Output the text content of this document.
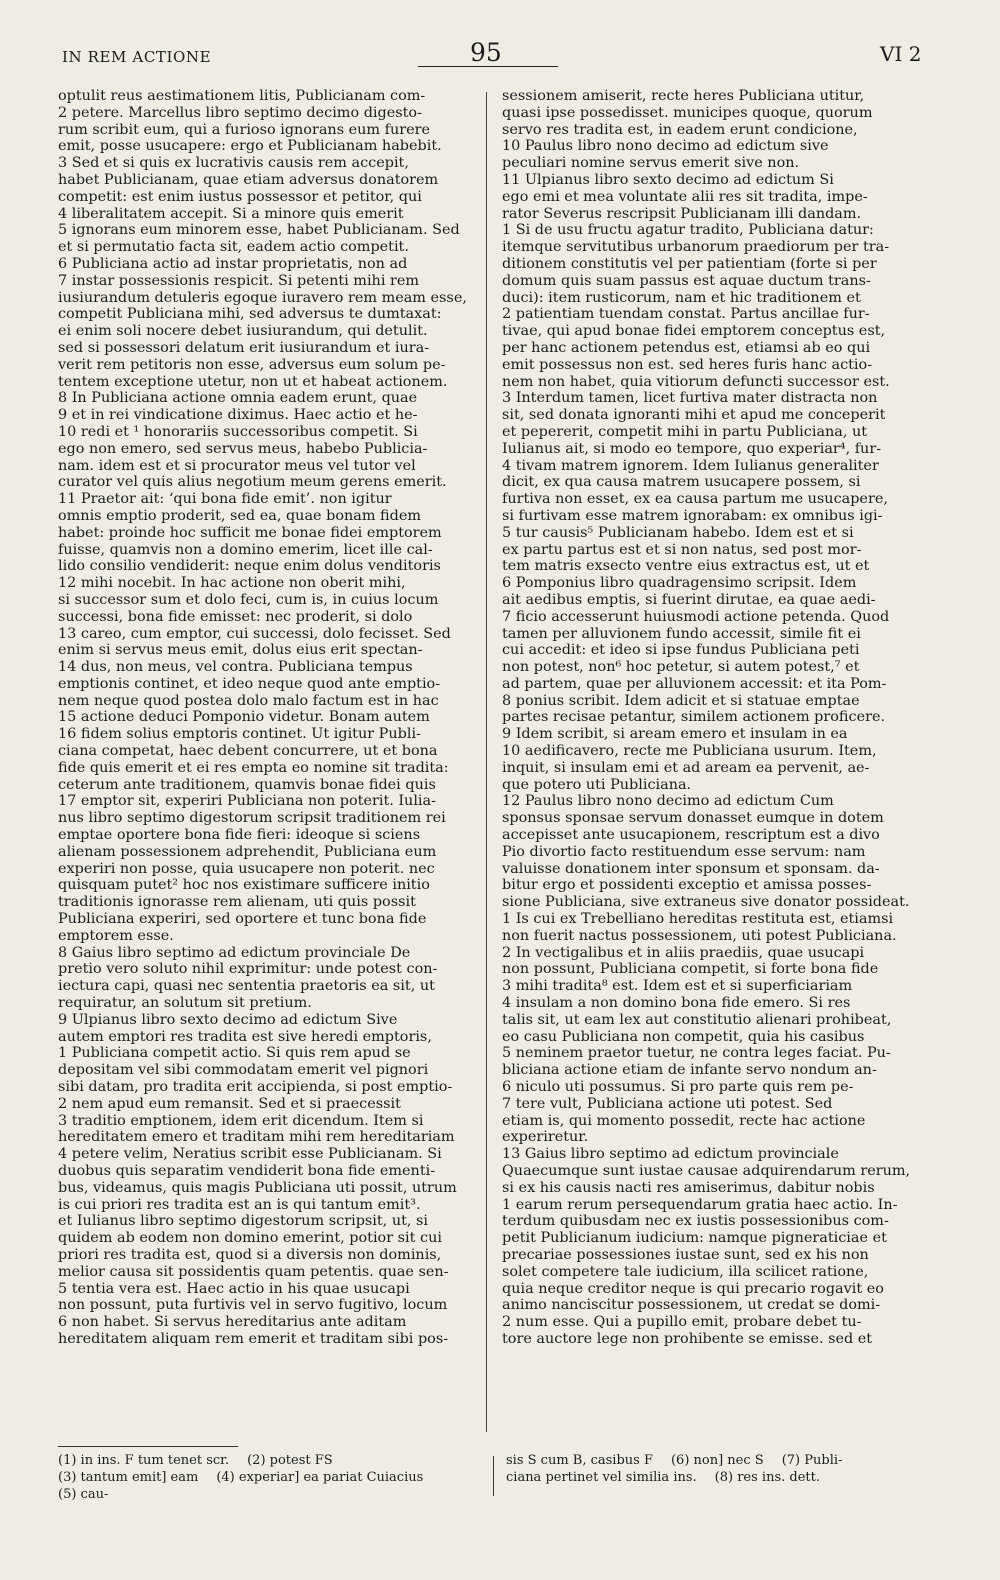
IN REM ACTIONE	95	VI 2

optulit reus aestimationem litis, Publicianam com-

2 petere. Marcellus libro septimo decimo digesto-

rum scribit eum, qui a furioso ignorans eum furere

emit, posse usucapere: ergo et Publicianam habebit.

3 Sed et si quis ex lucrativis causis rem accepit,

habet Publicianam, quae etiam adversus donatorem

competit: est enim iustus possessor et petitor, qui

4 liberalitatem accepit. Si a minore quis emerit

5 ignorans eum minorem esse, habet Publicianam. Sed

et si permutatio facta sit, eadem actio competit.

6 Publiciana actio ad instar proprietatis, non ad

7 instar possessionis respicit. Si petenti mihi rem

iusiurandum detuleris egoque iuravero rem meam esse,

competit Publiciana mihi, sed adversus te dumtaxat:

ei enim soli nocere debet iusiurandum, qui detulit.

sed si possessori delatum erit iusiurandum et iura-

verit rem petitoris non esse, adversus eum solum pe-

tentem exceptione utetur, non ut et habeat actionem.

8 In Publiciana actione omnia eadem erunt, quae

9 et in rei vindicatione diximus. Haec actio et he-

10 redi et ¹ honorariis successoribus competit. Si

ego non emero, sed servus meus, habebo Publicia-

nam. idem est et si procurator meus vel tutor vel

curator vel quis alius negotium meum gerens emerit.

11 Praetor ait: ‘qui bona fide emit’. non igitur

omnis emptio proderit, sed ea, quae bonam fidem

habet: proinde hoc sufficit me bonae fidei emptorem

fuisse, quamvis non a domino emerim, licet ille cal-

lido consilio vendiderit: neque enim dolus venditoris

12 mihi nocebit. In hac actione non oberit mihi,

si successor sum et dolo feci, cum is, in cuius locum

successi, bona fide emisset: nec proderit, si dolo

13 careo, cum emptor, cui successi, dolo fecisset. Sed

enim si servus meus emit, dolus eius erit spectan-

14 dus, non meus, vel contra. Publiciana tempus

emptionis continet, et ideo neque quod ante emptio-

nem neque quod postea dolo malo factum est in hac

15 actione deduci Pomponio videtur. Bonam autem

16 fidem solius emptoris continet. Ut igitur Publi-

ciana competat, haec debent concurrere, ut et bona

fide quis emerit et ei res empta eo nomine sit tradita:

ceterum ante traditionem, quamvis bonae fidei quis

17 emptor sit, experiri Publiciana non poterit. Iulia-

nus libro septimo digestorum scripsit traditionem rei

emptae oportere bona fide fieri: ideoque si sciens

alienam possessionem adprehendit, Publiciana eum

experiri non posse, quia usucapere non poterit. nec

quisquam putet² hoc nos existimare sufficere initio

traditionis ignorasse rem alienam, uti quis possit

Publiciana experiri, sed oportere et tunc bona fide

emptorem esse.

8 Gaius libro septimo ad edictum provinciale De

pretio vero soluto nihil exprimitur: unde potest con-

iectura capi, quasi nec sententia praetoris ea sit, ut

requiratur, an solutum sit pretium.

9 Ulpianus libro sexto decimo ad edictum Sive

autem emptori res tradita est sive heredi emptoris,

1 Publiciana competit actio. Si quis rem apud se

depositam vel sibi commodatam emerit vel pignori

sibi datam, pro tradita erit accipienda, si post emptio-

2 nem apud eum remansit. Sed et si praecessit

3 traditio emptionem, idem erit dicendum. Item si

hereditatem emero et traditam mihi rem hereditariam

4 petere velim, Neratius scribit esse Publicianam. Si

duobus quis separatim vendiderit bona fide ementi-

bus, videamus, quis magis Publiciana uti possit, utrum

is cui priori res tradita est an is qui tantum emit³.

et Iulianus libro septimo digestorum scripsit, ut, si

quidem ab eodem non domino emerint, potior sit cui

priori res tradita est, quod si a diversis non dominis,

melior causa sit possidentis quam petentis. quae sen-

5 tentia vera est. Haec actio in his quae usucapi

non possunt, puta furtivis vel in servo fugitivo, locum

6 non habet. Si servus hereditarius ante aditam

hereditatem aliquam rem emerit et traditam sibi pos-

sessionem amiserit, recte heres Publiciana utitur,

quasi ipse possedisset. municipes quoque, quorum

servo res tradita est, in eadem erunt condicione,

10 Paulus libro nono decimo ad edictum sive

peculiari nomine servus emerit sive non.

11 Ulpianus libro sexto decimo ad edictum Si

ego emi et mea voluntate alii res sit tradita, impe-

rator Severus rescripsit Publicianam illi dandam.

1 Si de usu fructu agatur tradito, Publiciana datur:

itemque servitutibus urbanorum praediorum per tra-

ditionem constitutis vel per patientiam (forte si per

domum quis suam passus est aquae ductum trans-

duci): item rusticorum, nam et hic traditionem et

2 patientiam tuendam constat. Partus ancillae fur-

tivae, qui apud bonae fidei emptorem conceptus est,

per hanc actionem petendus est, etiamsi ab eo qui

emit possessus non est. sed heres furis hanc actio-

nem non habet, quia vitiorum defuncti successor est.

3 Interdum tamen, licet furtiva mater distracta non

sit, sed donata ignoranti mihi et apud me conceperit

et pepererit, competit mihi in partu Publiciana, ut

Iulianus ait, si modo eo tempore, quo experiar⁴, fur-

4 tivam matrem ignorem. Idem Iulianus generaliter

dicit, ex qua causa matrem usucapere possem, si

furtiva non esset, ex ea causa partum me usucapere,

si furtivam esse matrem ignorabam: ex omnibus igi-

5 tur causis⁵ Publicianam habebo. Idem est et si

ex partu partus est et si non natus, sed post mor-

tem matris exsecto ventre eius extractus est, ut et

6 Pomponius libro quadragensimo scripsit. Idem

ait aedibus emptis, si fuerint dirutae, ea quae aedi-

7 ficio accesserunt huiusmodi actione petenda. Quod

tamen per alluvionem fundo accessit, simile fit ei

cui accedit: et ideo si ipse fundus Publiciana peti

non potest, non⁶ hoc petetur, si autem potest,⁷ et

ad partem, quae per alluvionem accessit: et ita Pom-

8 ponius scribit. Idem adicit et si statuae emptae

partes recisae petantur, similem actionem proficere.

9 Idem scribit, si aream emero et insulam in ea

10 aedificavero, recte me Publiciana usurum. Item,

inquit, si insulam emi et ad aream ea pervenit, ae-

que potero uti Publiciana.

12 Paulus libro nono decimo ad edictum Cum

sponsus sponsae servum donasset eumque in dotem

accepisset ante usucapionem, rescriptum est a divo

Pio divortio facto restituendum esse servum: nam

valuisse donationem inter sponsum et sponsam. da-

bitur ergo et possidenti exceptio et amissa posses-

sione Publiciana, sive extraneus sive donator possideat.

1 Is cui ex Trebelliano hereditas restituta est, etiamsi

non fuerit nactus possessionem, uti potest Publiciana.

2 In vectigalibus et in aliis praediis, quae usucapi

non possunt, Publiciana competit, si forte bona fide

3 mihi tradita⁸ est. Idem est et si superficiariam

4 insulam a non domino bona fide emero. Si res

talis sit, ut eam lex aut constitutio alienari prohibeat,

eo casu Publiciana non competit, quia his casibus

5 neminem praetor tuetur, ne contra leges faciat. Pu-

bliciana actione etiam de infante servo nondum an-

6 niculo uti possumus. Si pro parte quis rem pe-

7 tere vult, Publiciana actione uti potest. Sed

etiam is, qui momento possedit, recte hac actione

experiretur.

13 Gaius libro septimo ad edictum provinciale

Quaecumque sunt iustae causae adquirendarum rerum,

si ex his causis nacti res amiserimus, dabitur nobis

1 earum rerum persequendarum gratia haec actio. In-

terdum quibusdam nec ex iustis possessionibus com-

petit Publicianum iudicium: namque pigneraticiae et

precariae possessiones iustae sunt, sed ex his non

solet competere tale iudicium, illa scilicet ratione,

quia neque creditor neque is qui precario rogavit eo

animo nanciscitur possessionem, ut credat se domi-

2 num esse. Qui a pupillo emit, probare debet tu-

tore auctore lege non prohibente se emisse. sed et

(1) in ins. F tum tenet scr. (2) potest FS(3) tantum emit] eam (4) experiar] ea pariat Cuiacius(5) cau-
sis S cum B, casibus F (6) non] nec S (7) Publi-ciana pertinet vel similia ins. (8) res ins. dett.
